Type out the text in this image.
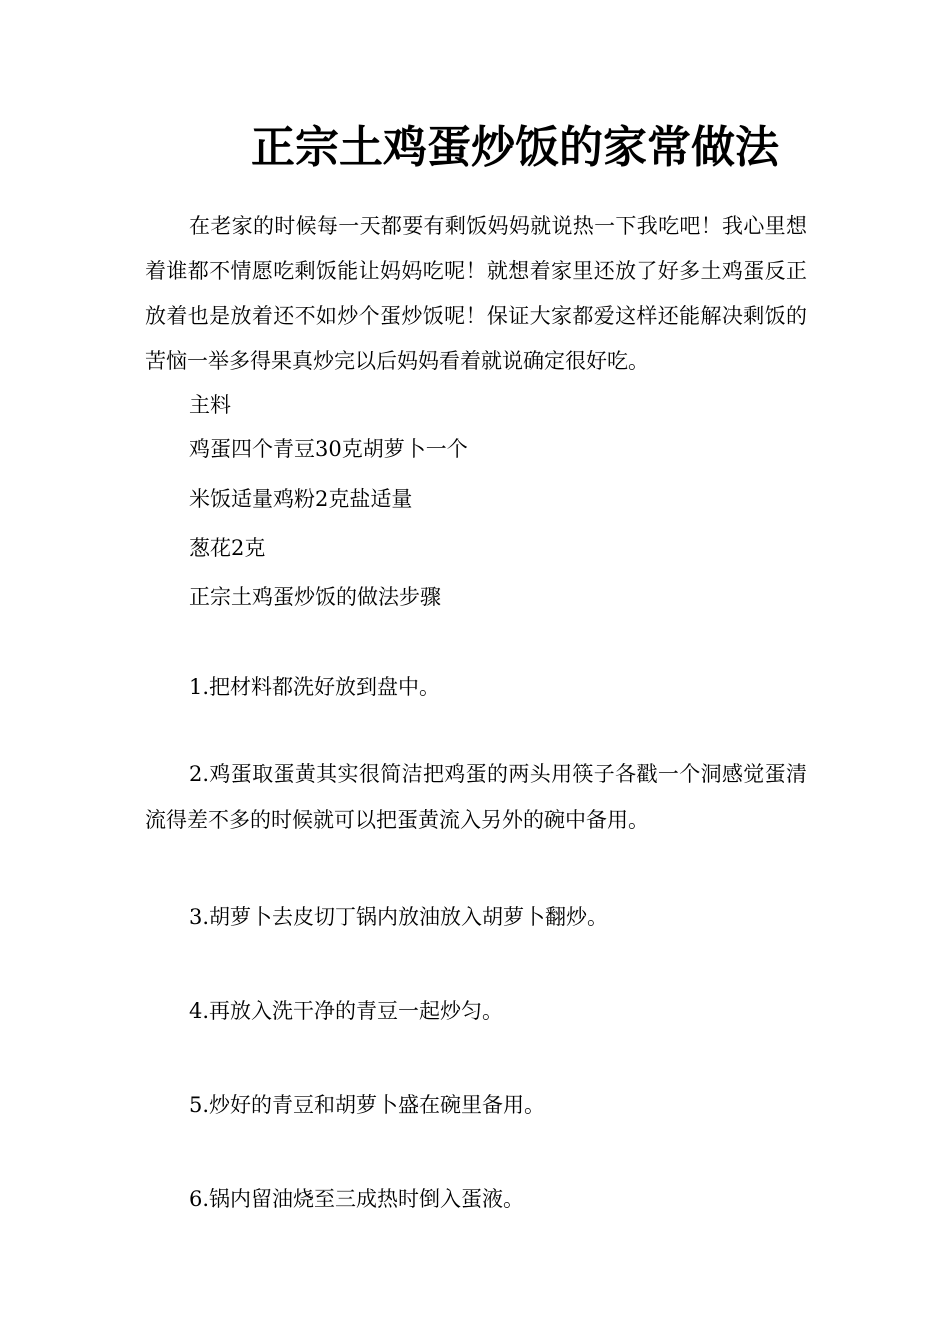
正宗土鸡蛋炒饭的家常做法

在老家的时候每一天都要有剩饭妈妈就说热一下我吃吧！我心里想着谁都不情愿吃剩饭能让妈妈吃呢！就想着家里还放了好多土鸡蛋反正放着也是放着还不如炒个蛋炒饭呢！保证大家都爱这样还能解决剩饭的苦恼一举多得果真炒完以后妈妈看着就说确定很好吃。

主料
鸡蛋四个青豆30克胡萝卜一个
米饭适量鸡粉2克盐适量
葱花2克
正宗土鸡蛋炒饭的做法步骤

1.把材料都洗好放到盘中。

2.鸡蛋取蛋黄其实很简洁把鸡蛋的两头用筷子各戳一个洞感觉蛋清流得差不多的时候就可以把蛋黄流入另外的碗中备用。

3.胡萝卜去皮切丁锅内放油放入胡萝卜翻炒。

4.再放入洗干净的青豆一起炒匀。

5.炒好的青豆和胡萝卜盛在碗里备用。

6.锅内留油烧至三成热时倒入蛋液。
